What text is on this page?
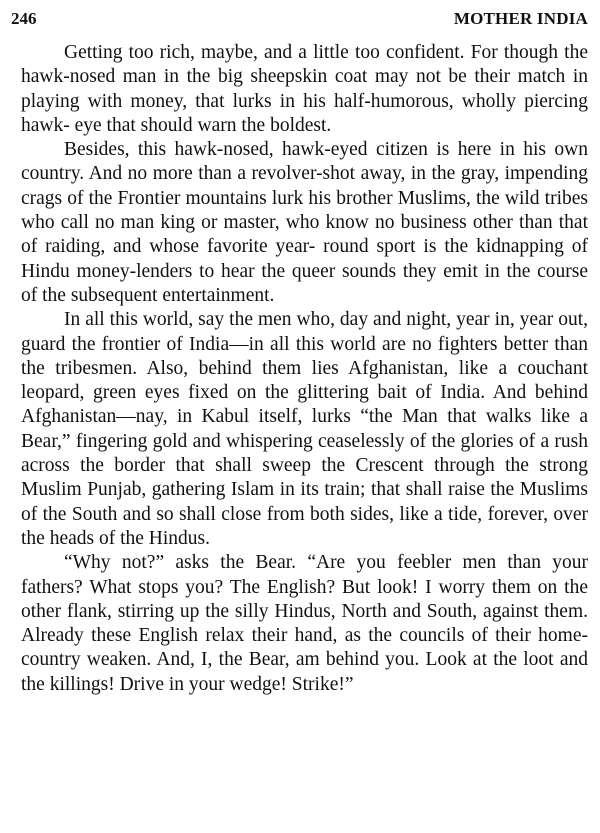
246	MOTHER INDIA

Getting too rich, maybe, and a little too confident. For though the hawk-nosed man in the big sheepskin coat may not be their match in playing with money, that lurks in his half-humorous, wholly piercing hawk- eye that should warn the boldest.

Besides, this hawk-nosed, hawk-eyed citizen is here in his own country. And no more than a revolver-shot away, in the gray, impending crags of the Frontier mountains lurk his brother Muslims, the wild tribes who call no man king or master, who know no business other than that of raiding, and whose favorite year- round sport is the kidnapping of Hindu money-lenders to hear the queer sounds they emit in the course of the subsequent entertainment.

In all this world, say the men who, day and night, year in, year out, guard the frontier of India—in all this world are no fighters better than the tribesmen. Also, behind them lies Afghanistan, like a couchant leopard, green eyes fixed on the glittering bait of India. And behind Afghanistan—nay, in Kabul itself, lurks “the Man that walks like a Bear,” fingering gold and whispering ceaselessly of the glories of a rush across the border that shall sweep the Crescent through the strong Muslim Punjab, gathering Islam in its train; that shall raise the Muslims of the South and so shall close from both sides, like a tide, forever, over the heads of the Hindus.

“Why not?” asks the Bear. “Are you feebler men than your fathers? What stops you? The English? But look! I worry them on the other flank, stirring up the silly Hindus, North and South, against them. Already these English relax their hand, as the councils of their home-country weaken. And, I, the Bear, am behind you. Look at the loot and the killings! Drive in your wedge! Strike!”
